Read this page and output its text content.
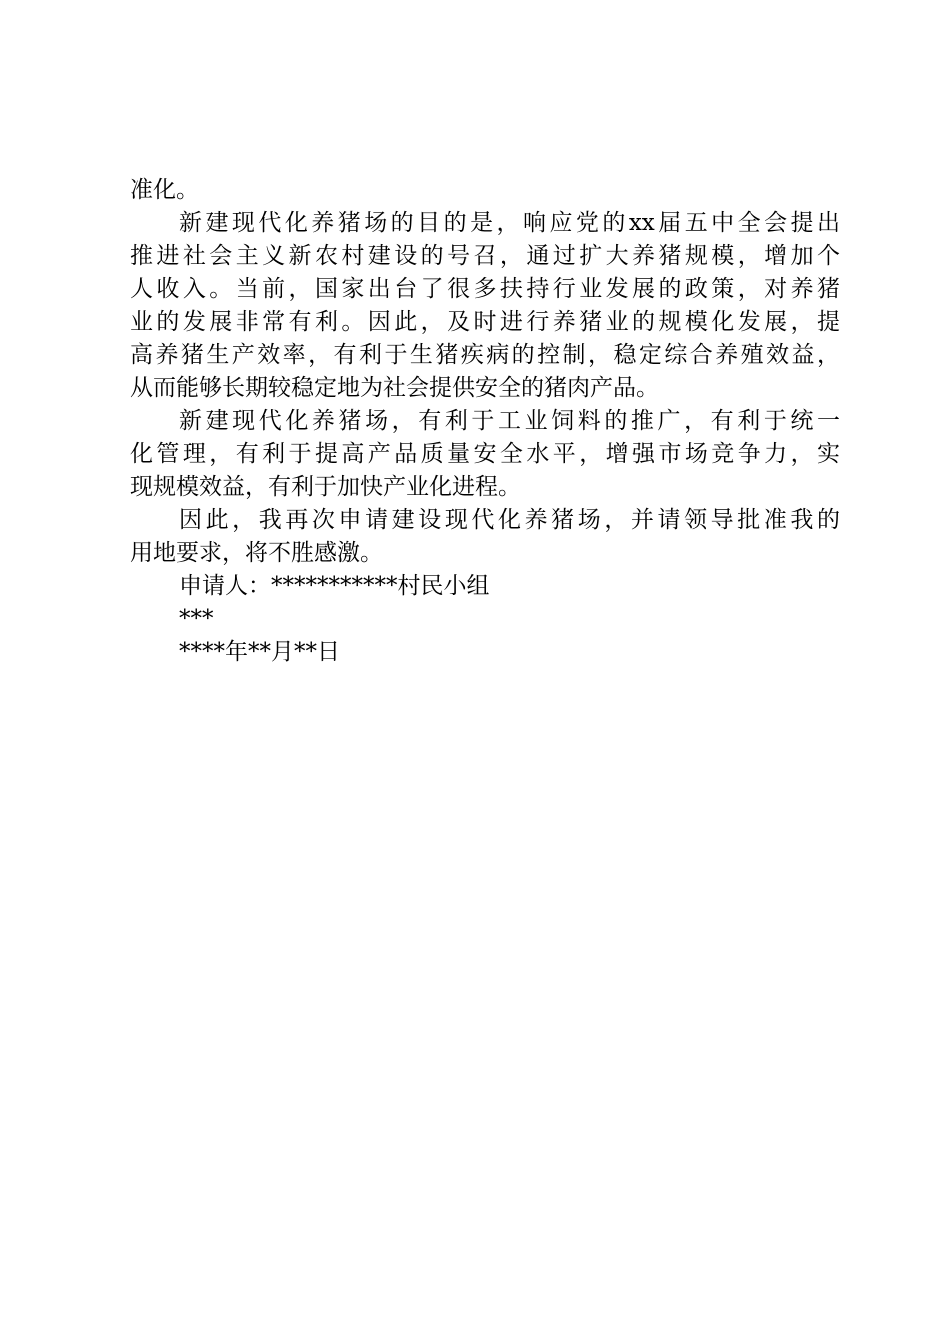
准化。
新建现代化养猪场的目的是，响应党的xx届五中全会提出
推进社会主义新农村建设的号召，通过扩大养猪规模，增加个
人收入。当前，国家出台了很多扶持行业发展的政策，对养猪
业的发展非常有利。因此，及时进行养猪业的规模化发展，提
高养猪生产效率，有利于生猪疾病的控制，稳定综合养殖效益，
从而能够长期较稳定地为社会提供安全的猪肉产品。
新建现代化养猪场，有利于工业饲料的推广，有利于统一
化管理，有利于提高产品质量安全水平，增强市场竞争力，实
现规模效益，有利于加快产业化进程。
因此，我再次申请建设现代化养猪场，并请领导批准我的
用地要求，将不胜感激。
申请人：***********村民小组
***
****年**月**日
